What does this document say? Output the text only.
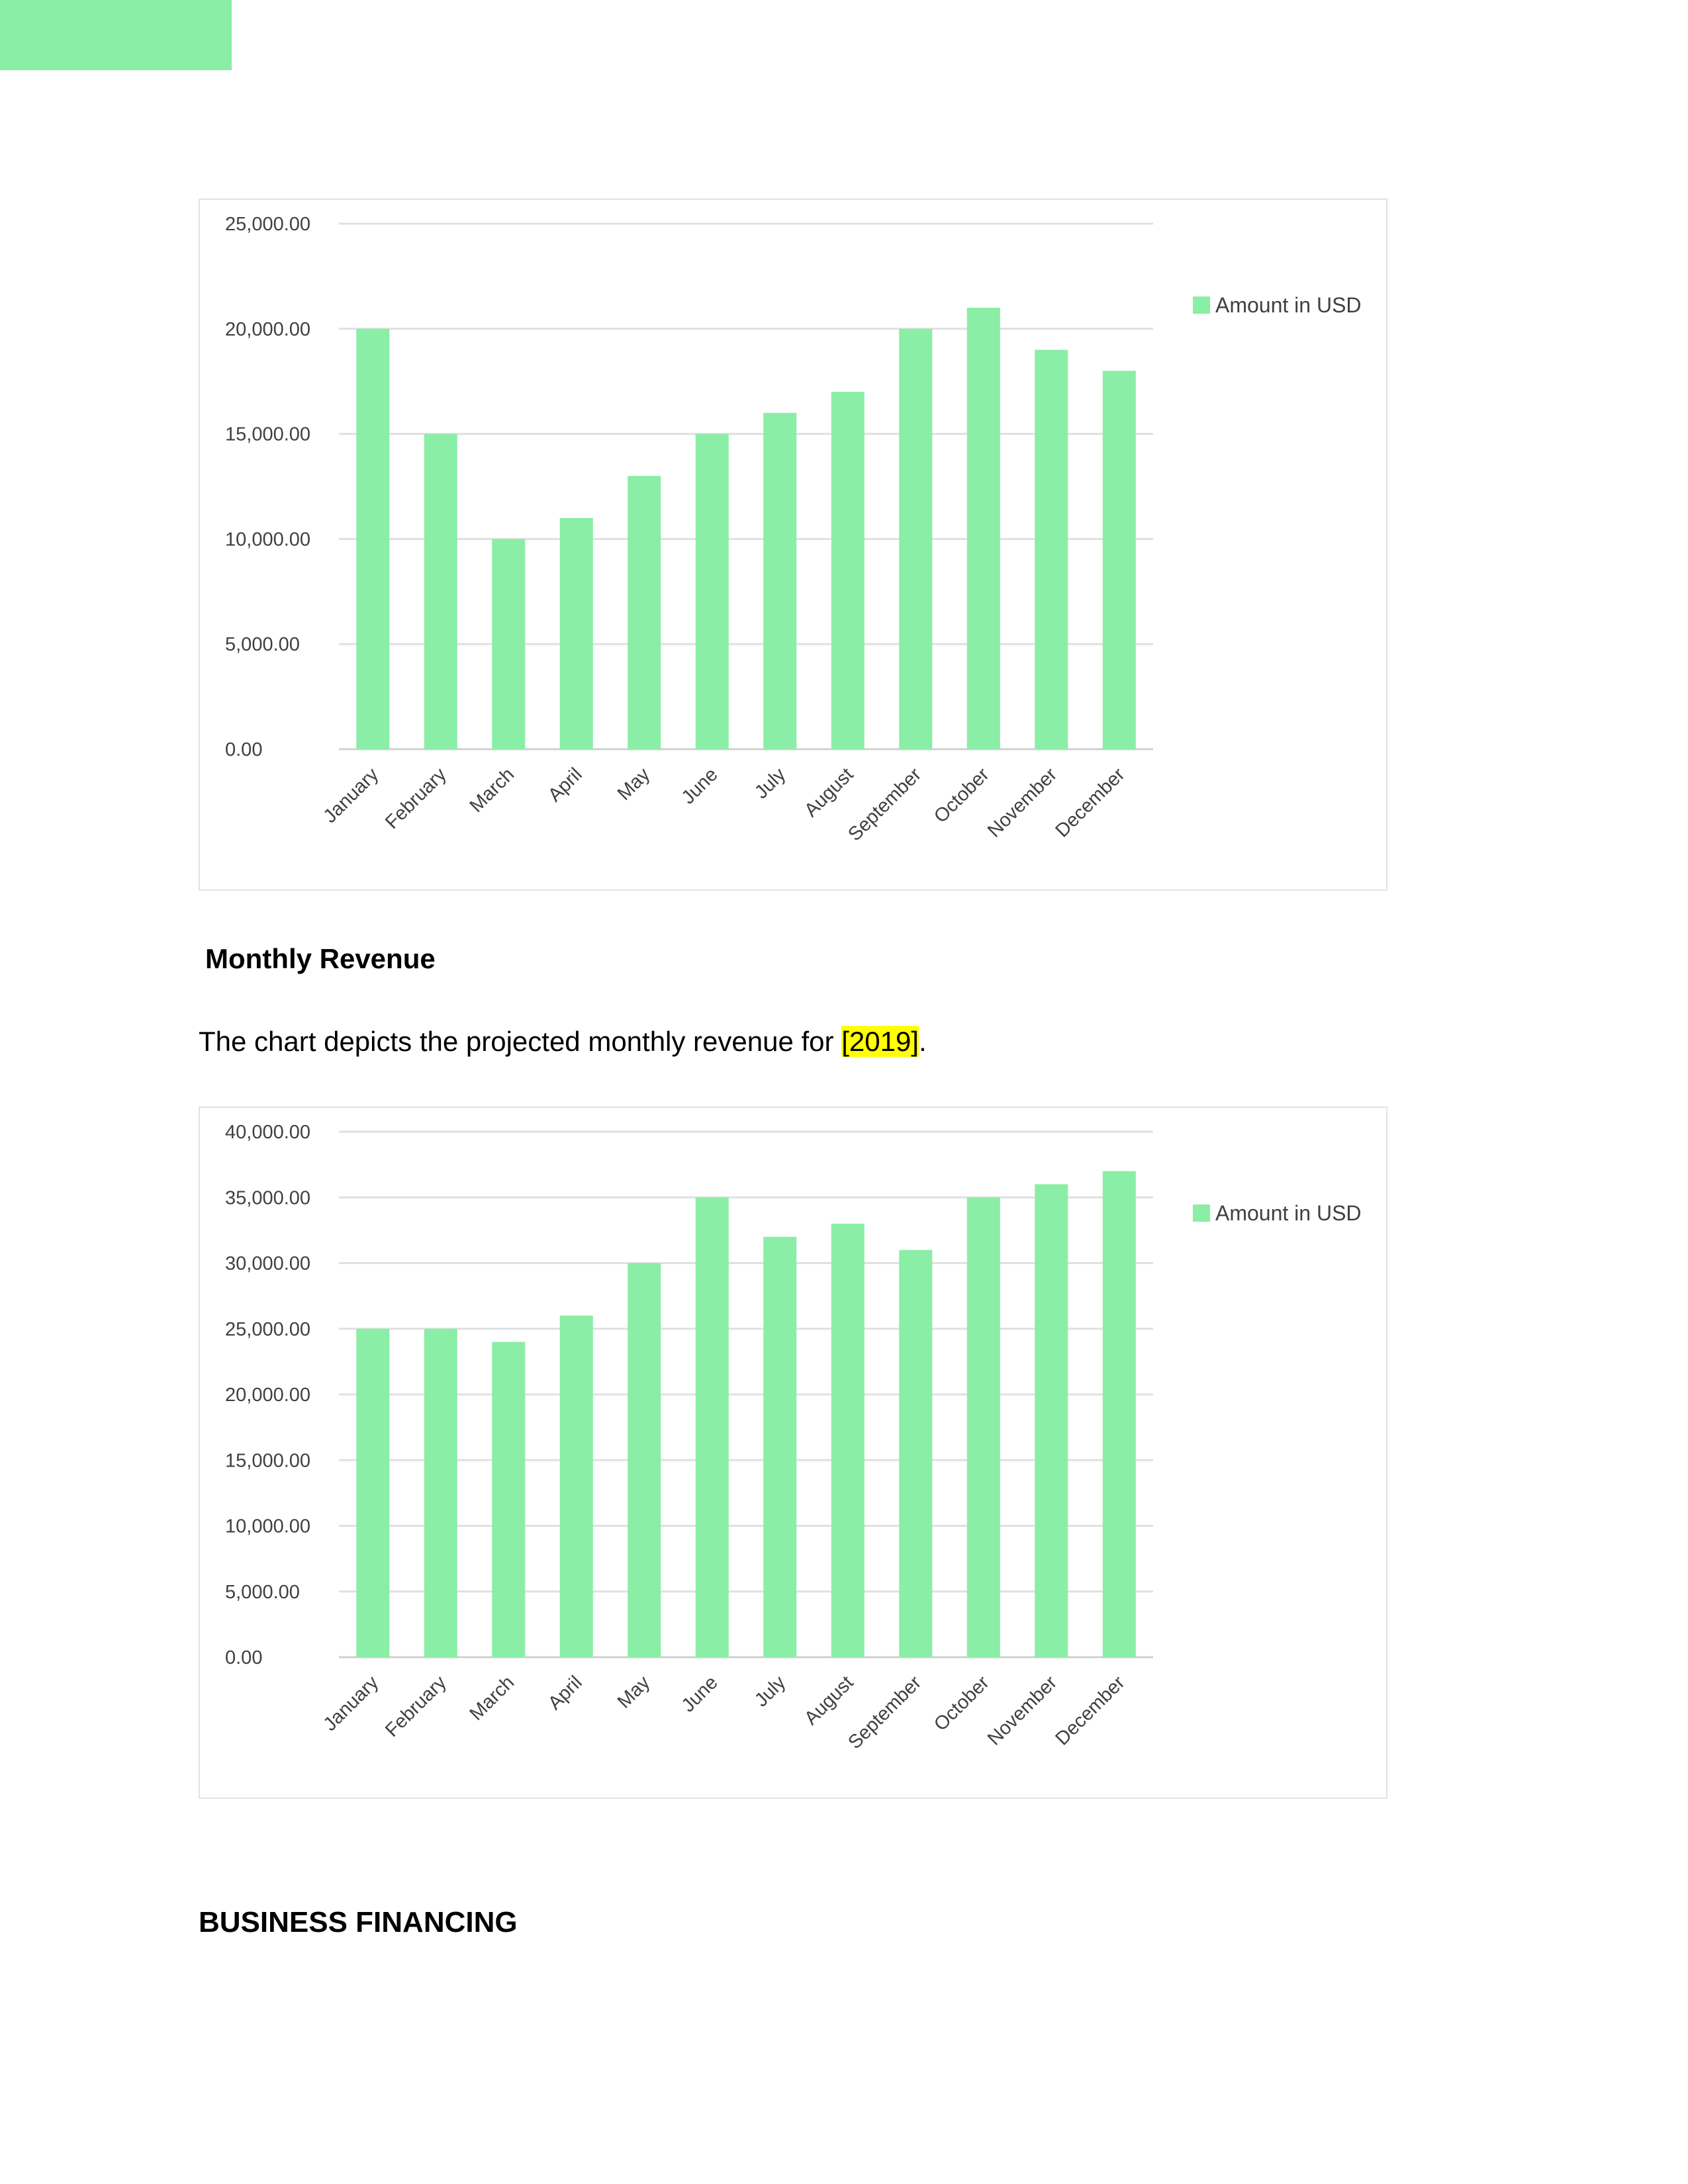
0.00
5,000.00
10,000.00
15,000.00
20,000.00
25,000.00
January
February March April May June July August
September October
November
December
Amount in USD

Monthly Revenue

The chart depicts the projected monthly revenue for [2019].

0.00
5,000.00
10,000.00
15,000.00
20,000.00
25,000.00
30,000.00
35,000.00
40,000.00
January
February March April May June July August
September October
November
December
Amount in USD
BUSINESS FINANCING
